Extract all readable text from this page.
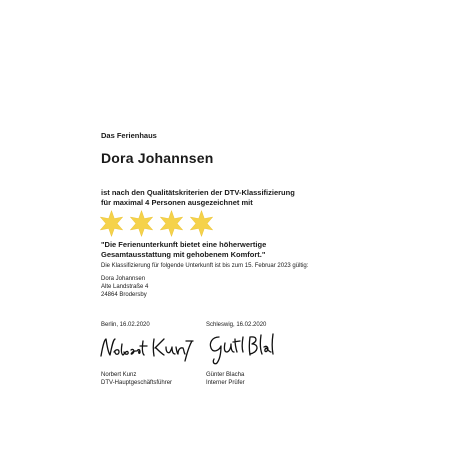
Das Ferienhaus
Dora Johannsen
ist nach den Qualitätskriterien der DTV-Klassifizierung
für maximal 4 Personen ausgezeichnet mit
"Die Ferienunterkunft bietet eine höherwertige
Gesamtausstattung mit gehobenem Komfort."
Die Klassifizierung für folgende Unterkunft ist bis zum 15. Februar 2023 gültig:
Dora Johannsen
Alte Landstraße 4
24864 Brodersby
Berlin, 16.02.2020	Schleswig, 16.02.2020
Norbert Kunz
DTV-Hauptgeschäftsführer
Günter Blacha
Interner Prüfer
